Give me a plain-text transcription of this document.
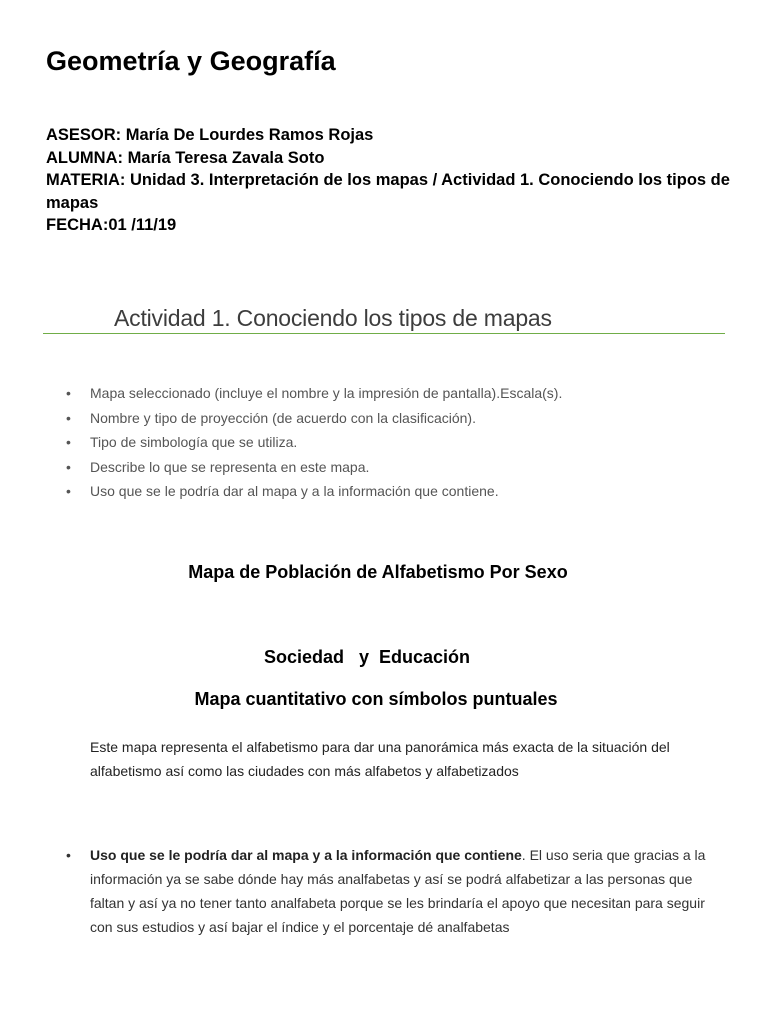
Geometría y Geografía
ASESOR: María De Lourdes Ramos Rojas
ALUMNA: María Teresa Zavala Soto
MATERIA: Unidad 3. Interpretación de los mapas / Actividad 1. Conociendo los tipos de mapas
FECHA:01 /11/19
Actividad 1. Conociendo los tipos de mapas
• Mapa seleccionado (incluye el nombre y la impresión de pantalla).Escala(s).
• Nombre y tipo de proyección (de acuerdo con la clasificación).
• Tipo de simbología que se utiliza.
• Describe lo que se representa en este mapa.
• Uso que se le podría dar al mapa y a la información que contiene.
Mapa de Población de Alfabetismo Por Sexo
Sociedad   y  Educación
Mapa cuantitativo con símbolos puntuales
Este mapa representa el alfabetismo para dar una panorámica más exacta de la situación del alfabetismo así como las ciudades con más alfabetos y alfabetizados
• Uso que se le podría dar al mapa y a la información que contiene. El uso seria que gracias a la información ya se sabe dónde hay más analfabetas y así se podrá alfabetizar a las personas que faltan y así ya no tener tanto analfabeta porque se les brindaría el apoyo que necesitan para seguir con sus estudios y así bajar el índice y el porcentaje dé analfabetas
